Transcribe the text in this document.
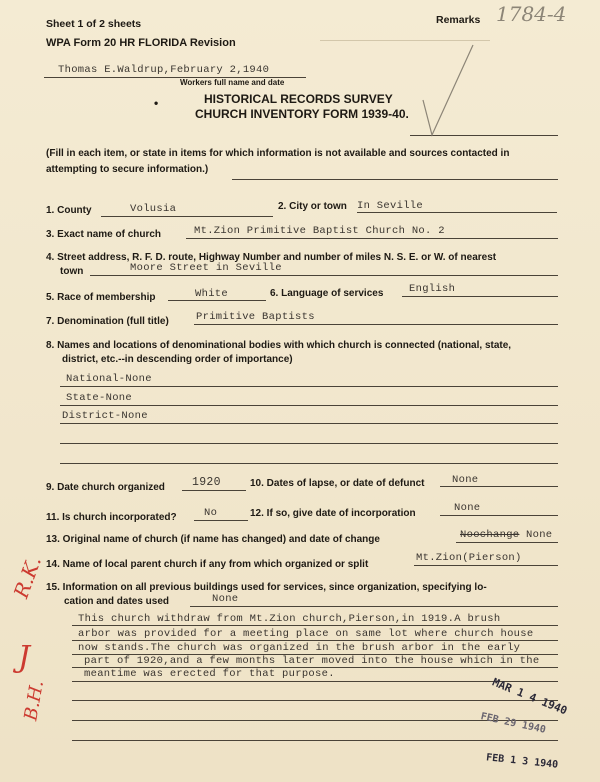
Sheet 1 of 2 sheets
WPA Form 20 HR FLORIDA Revision
Remarks 1784-4
Thomas E.Waldrup,February 2,1940
Workers full name and date
•	HISTORICAL RECORDS SURVEY
CHURCH INVENTORY FORM 1939-40.
(Fill in each item, or state in items for which information is not available and sources contacted in
attempting to secure information.)
1. County	Volusia	2. City or town In Seville
3. Exact name of church	Mt.Zion Primitive Baptist Church No. 2
4. Street address, R. F. D. route, Highway Number and number of miles N. S. E. or W. of nearest
town	Moore Street in Seville
5. Race of membership	White	6. Language of services English
7. Denomination (full title)	Primitive Baptists
8. Names and locations of denominational bodies with which church is connected (national, state,
district, etc.--in descending order of importance)
National-None
State-None
District-None
9. Date church organized 1920	10. Dates of lapse, or date of defunct	None
11. Is church incorporated?	No	12. If so, give date of incorporation	None
13. Original name of church (if name has changed) and date of change	Noochange None
14. Name of local parent church if any from which organized or split
Mt.Zion(Pierson)
15. Information on all previous buildings used for services, since organization, specifying lo-
cation and dates used	None
This church withdraw from Mt.Zion church,Pierson,in 1919.A brush
arbor was provided for a meeting place on same lot where church house
now stands.The church was organized in the brush arbor in the early
part of 1920,and a few months later moved into the house which in the
meantime was erected for that purpose.
MAR 1 4 1940
FEB 29 1940
FEB 1 3 1940
R.K.
J
B.H.
